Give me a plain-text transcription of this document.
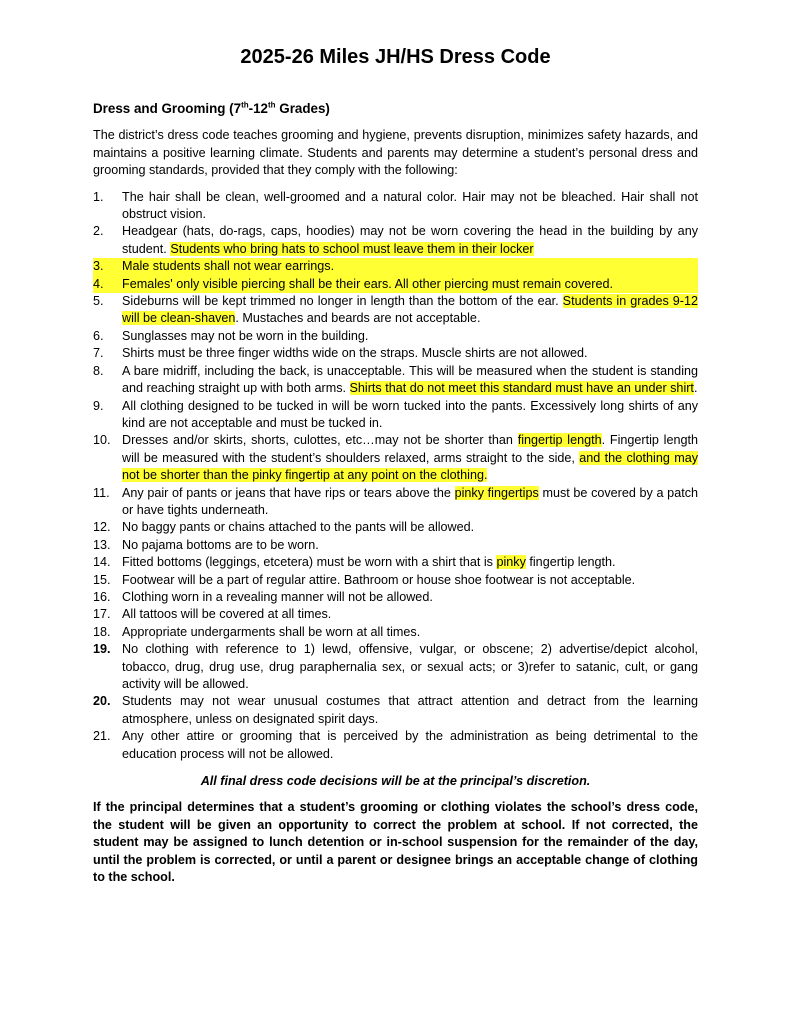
2025-26 Miles JH/HS Dress Code

Dress and Grooming (7th-12th Grades)

The district’s dress code teaches grooming and hygiene, prevents disruption, minimizes safety hazards, and maintains a positive learning climate. Students and parents may determine a student’s personal dress and grooming standards, provided that they comply with the following:

1. The hair shall be clean, well-groomed and a natural color. Hair may not be bleached. Hair shall not obstruct vision.
2. Headgear (hats, do-rags, caps, hoodies) may not be worn covering the head in the building by any student. Students who bring hats to school must leave them in their locker
3. Male students shall not wear earrings.
4. Females' only visible piercing shall be their ears. All other piercing must remain covered.
5. Sideburns will be kept trimmed no longer in length than the bottom of the ear. Students in grades 9-12 will be clean-shaven. Mustaches and beards are not acceptable.
6. Sunglasses may not be worn in the building.
7. Shirts must be three finger widths wide on the straps. Muscle shirts are not allowed.
8. A bare midriff, including the back, is unacceptable. This will be measured when the student is standing and reaching straight up with both arms. Shirts that do not meet this standard must have an under shirt.
9. All clothing designed to be tucked in will be worn tucked into the pants. Excessively long shirts of any kind are not acceptable and must be tucked in.
10. Dresses and/or skirts, shorts, culottes, etc…may not be shorter than fingertip length. Fingertip length will be measured with the student’s shoulders relaxed, arms straight to the side, and the clothing may not be shorter than the pinky fingertip at any point on the clothing.
11. Any pair of pants or jeans that have rips or tears above the pinky fingertips must be covered by a patch or have tights underneath.
12. No baggy pants or chains attached to the pants will be allowed.
13. No pajama bottoms are to be worn.
14. Fitted bottoms (leggings, etcetera) must be worn with a shirt that is pinky fingertip length.
15. Footwear will be a part of regular attire. Bathroom or house shoe footwear is not acceptable.
16. Clothing worn in a revealing manner will not be allowed.
17. All tattoos will be covered at all times.
18. Appropriate undergarments shall be worn at all times.
19. No clothing with reference to 1) lewd, offensive, vulgar, or obscene; 2) advertise/depict alcohol, tobacco, drug, drug use, drug paraphernalia sex, or sexual acts; or 3)refer to satanic, cult, or gang activity will be allowed.
20. Students may not wear unusual costumes that attract attention and detract from the learning atmosphere, unless on designated spirit days.
21. Any other attire or grooming that is perceived by the administration as being detrimental to the education process will not be allowed.

All final dress code decisions will be at the principal’s discretion.

If the principal determines that a student’s grooming or clothing violates the school’s dress code, the student will be given an opportunity to correct the problem at school. If not corrected, the student may be assigned to lunch detention or in-school suspension for the remainder of the day, until the problem is corrected, or until a parent or designee brings an acceptable change of clothing to the school.
